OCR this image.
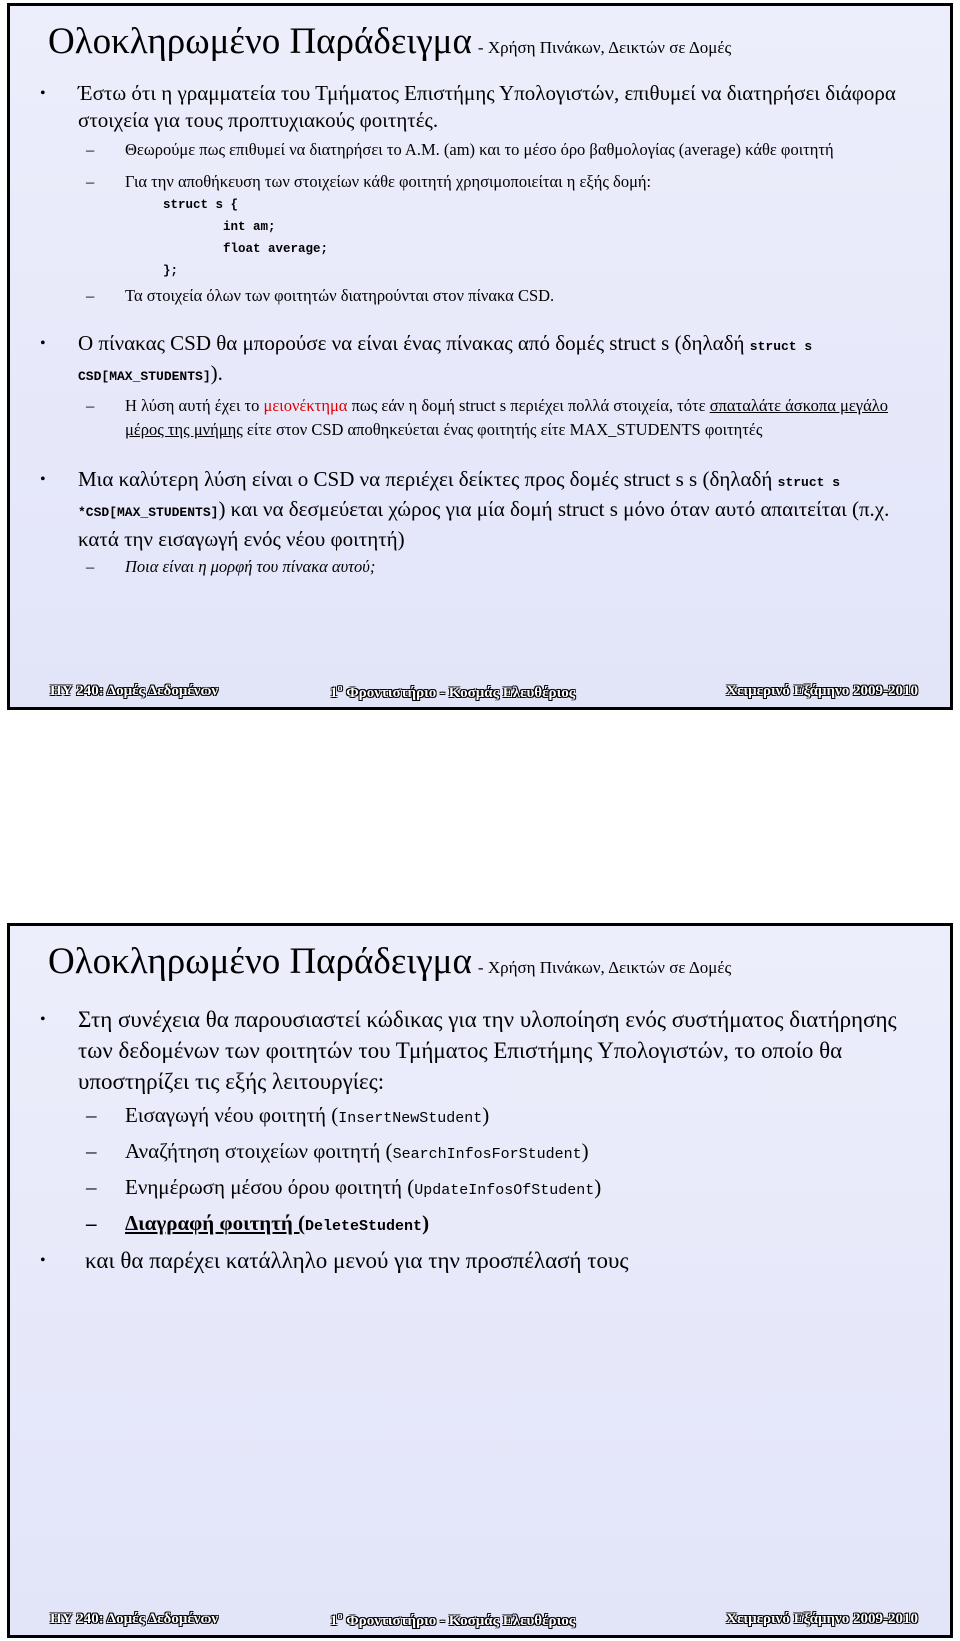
Ολοκληρωμένο Παράδειγμα - Χρήση Πινάκων, Δεικτών σε Δομές
• Έστω ότι η γραμματεία του Τμήματος Επιστήμης Υπολογιστών, επιθυμεί να διατηρήσει διάφορα στοιχεία για τους προπτυχιακούς φοιτητές.
– Θεωρούμε πως επιθυμεί να διατηρήσει το Α.Μ. (am) και το μέσο όρο βαθμολογίας (average) κάθε φοιτητή
– Για την αποθήκευση των στοιχείων κάθε φοιτητή χρησιμοποιείται η εξής δομή:
struct s {
int am;
float average;
};
– Τα στοιχεία όλων των φοιτητών διατηρούνται στον πίνακα CSD.
• Ο πίνακας CSD θα μπορούσε να είναι ένας πίνακας από δομές struct s (δηλαδή struct s CSD[MAX_STUDENTS]).
– Η λύση αυτή έχει το μειονέκτημα πως εάν η δομή struct s περιέχει πολλά στοιχεία, τότε σπαταλάτε άσκοπα μεγάλο μέρος της μνήμης είτε στον CSD αποθηκεύεται ένας φοιτητής είτε MAX_STUDENTS φοιτητές
• Μια καλύτερη λύση είναι ο CSD να περιέχει δείκτες προς δομές struct s s (δηλαδή struct s *CSD[MAX_STUDENTS]) και να δεσμεύεται χώρος για μία δομή struct s μόνο όταν αυτό απαιτείται (π.χ. κατά την εισαγωγή ενός νέου φοιτητή)
– Ποια είναι η μορφή του πίνακα αυτού;
ΗΥ 240: Δομές Δεδομένων	$1^o$ Φροντιστήριο - Κοσμάς Ελευθέριος	Χειμερινό Εξάμηνο 2009-2010
Ολοκληρωμένο Παράδειγμα - Χρήση Πινάκων, Δεικτών σε Δομές
• Στη συνέχεια θα παρουσιαστεί κώδικας για την υλοποίηση ενός συστήματος διατήρησης των δεδομένων των φοιτητών του Τμήματος Επιστήμης Υπολογιστών, το οποίο θα υποστηρίζει τις εξής λειτουργίες:
– Εισαγωγή νέου φοιτητή (InsertNewStudent)
– Αναζήτηση στοιχείων φοιτητή (SearchInfosForStudent)
– Ενημέρωση μέσου όρου φοιτητή (UpdateInfosOfStudent)
– Διαγραφή φοιτητή (DeleteStudent)
• και θα παρέχει κατάλληλο μενού για την προσπέλασή τους
ΗΥ 240: Δομές Δεδομένων	$1^o$ Φροντιστήριο - Κοσμάς Ελευθέριος	Χειμερινό Εξάμηνο 2009-2010
